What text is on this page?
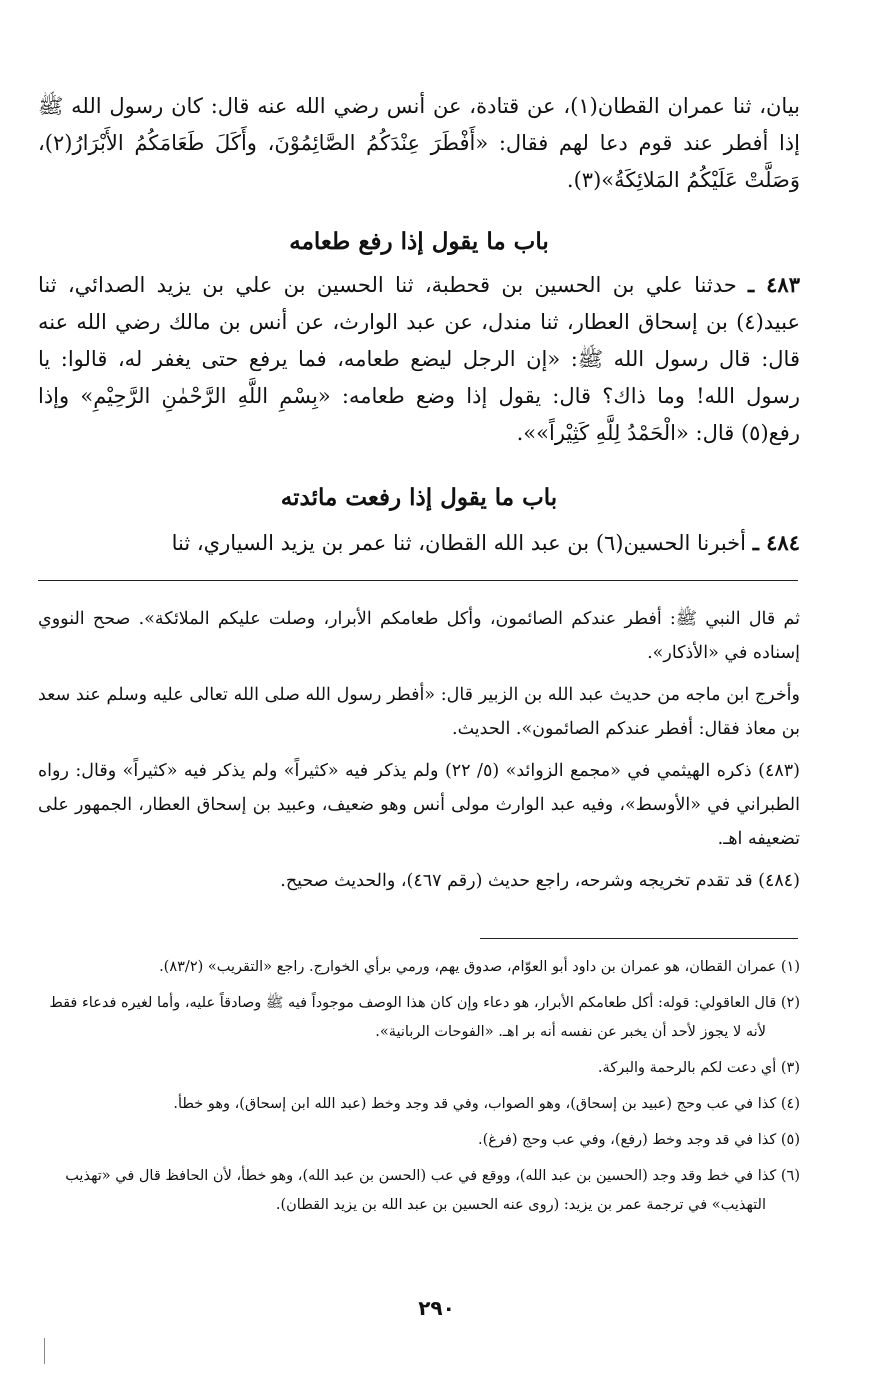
بيان، ثنا عمران القطان(١)، عن قتادة، عن أنس رضي الله عنه قال: كان رسول الله ﷺ إذا أفطر عند قوم دعا لهم فقال: «أَفْطَرَ عِنْدَكُمُ الصَّائِمُوْنَ، وأَكَلَ طَعَامَكُمُ الأَبْرَارُ(٢)، وَصَلَّتْ عَلَيْكُمُ المَلائِكَةُ»(٣).

باب ما يقول إذا رفع طعامه

٤٨٣ ـ حدثنا علي بن الحسين بن قحطبة، ثنا الحسين بن علي بن يزيد الصدائي، ثنا عبيد(٤) بن إسحاق العطار، ثنا مندل، عن عبد الوارث، عن أنس بن مالك رضي الله عنه قال: قال رسول الله ﷺ: «إن الرجل ليضع طعامه، فما يرفع حتى يغفر له، قالوا: يا رسول الله! وما ذاك؟ قال: يقول إذا وضع طعامه: «بِسْمِ اللَّهِ الرَّحْمٰنِ الرَّحِيْمِ» وإذا رفع(٥) قال: «الْحَمْدُ لِلَّهِ كَثِيْراً»».

باب ما يقول إذا رفعت مائدته

٤٨٤ ـ أخبرنا الحسين(٦) بن عبد الله القطان، ثنا عمر بن يزيد السياري، ثنا

ثم قال النبي ﷺ: أفطر عندكم الصائمون، وأكل طعامكم الأبرار، وصلت عليكم الملائكة». صحح النووي إسناده في «الأذكار».

وأخرج ابن ماجه من حديث عبد الله بن الزبير قال: «أفطر رسول الله صلى الله تعالى عليه وسلم عند سعد بن معاذ فقال: أفطر عندكم الصائمون». الحديث.

(٤٨٣) ذكره الهيثمي في «مجمع الزوائد» (٥/ ٢٢) ولم يذكر فيه «كثيراً» ولم يذكر فيه «كثيراً» وقال: رواه الطبراني في «الأوسط»، وفيه عبد الوارث مولى أنس وهو ضعيف، وعبيد بن إسحاق العطار، الجمهور على تضعيفه اهـ.

(٤٨٤) قد تقدم تخريجه وشرحه، راجع حديث (رقم ٤٦٧)، والحديث صحيح.

(١) عمران القطان، هو عمران بن داود أبو العوّام، صدوق يهم، ورمي برأي الخوارج. راجع «التقريب» (٨٣/٢).

(٢) قال العاقولي: قوله: أكل طعامكم الأبرار، هو دعاء وإن كان هذا الوصف موجوداً فيه ﷺ وصادقاً عليه، وأما لغيره فدعاء فقط لأنه لا يجوز لأحد أن يخبر عن نفسه أنه بر اهـ. «الفوحات الربانية».

(٣) أي دعت لكم بالرحمة والبركة.

(٤) كذا في عب وحج (عبيد بن إسحاق)، وهو الصواب، وفي قد وجد وخط (عبد الله ابن إسحاق)، وهو خطأ.

(٥) كذا في قد وجد وخط (رفع)، وفي عب وحج (فرغ).

(٦) كذا في خط وقد وجد (الحسين بن عبد الله)، ووقع في عب (الحسن بن عبد الله)، وهو خطأ، لأن الحافظ قال في «تهذيب التهذيب» في ترجمة عمر بن يزيد: (روى عنه الحسين بن عبد الله بن يزيد القطان).

٢٩٠
